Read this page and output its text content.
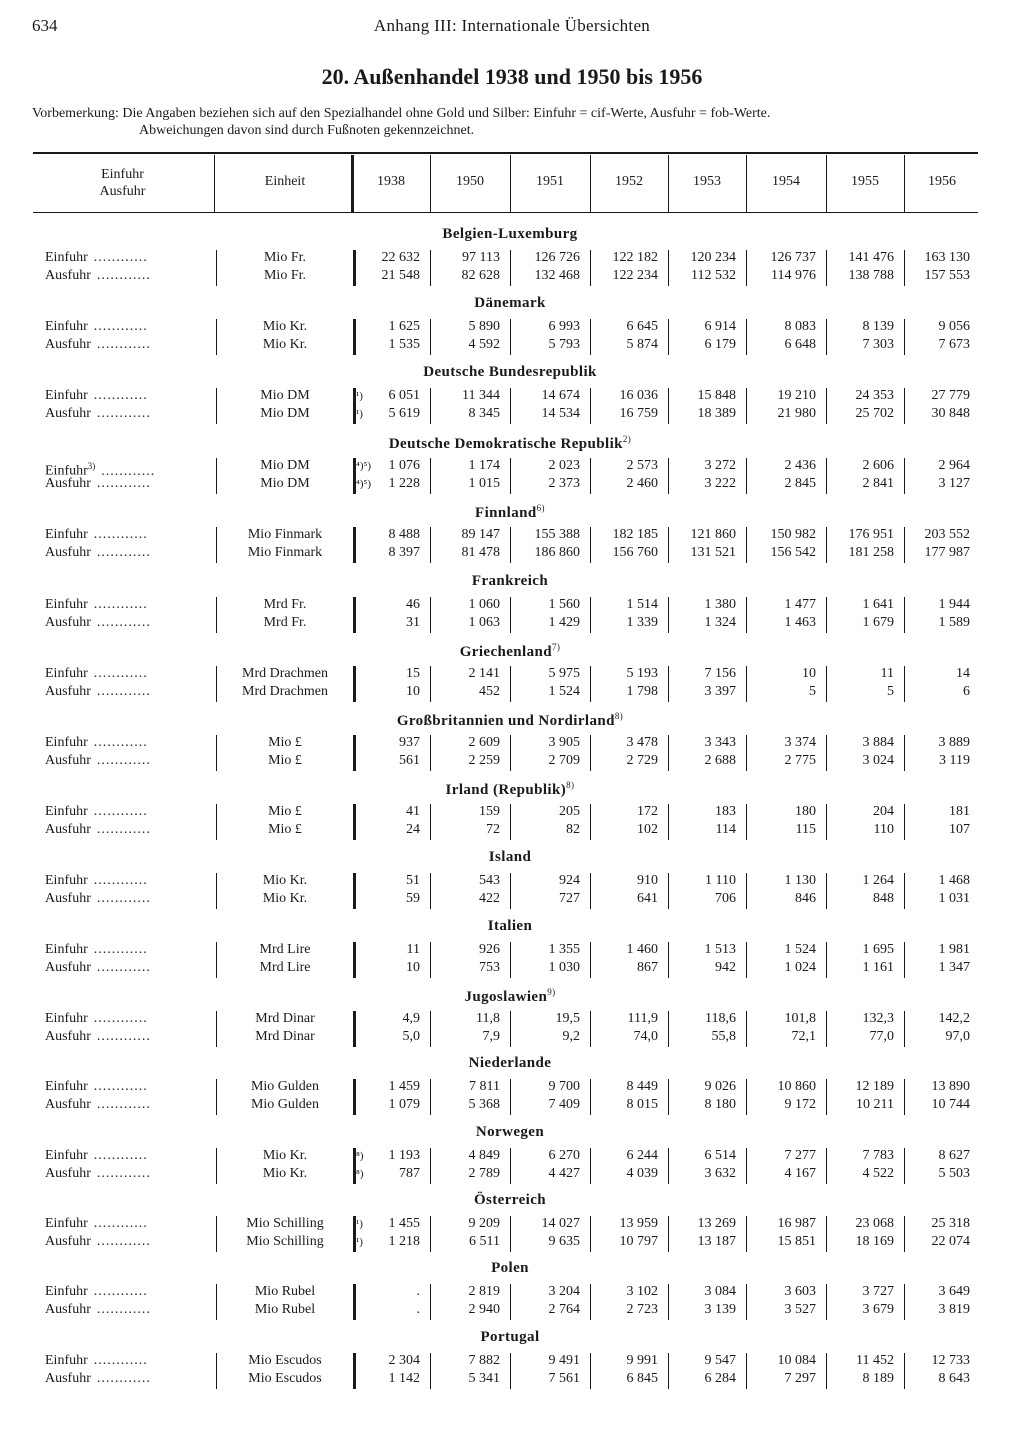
634	Anhang III: Internationale Übersichten
20. Außenhandel 1938 und 1950 bis 1956
Vorbemerkung: Die Angaben beziehen sich auf den Spezialhandel ohne Gold und Silber: Einfuhr = cif-Werte, Ausfuhr = fob-Werte.
Abweichungen davon sind durch Fußnoten gekennzeichnet.
Einfuhr
Ausfuhr
Einheit	1938	1950	1951	1952	1953	1954	1955	1956
Belgien-Luxemburg
Einfuhr ............	Mio Fr.	22 632	97 113	126 726	122 182	120 234	126 737	141 476	163 130
Ausfuhr ............	Mio Fr.	21 548	82 628	132 468	122 234	112 532	114 976	138 788	157 553
Dänemark
Einfuhr ............	Mio Kr.	1 625	5 890	6 993	6 645	6 914	8 083	8 139	9 056
Ausfuhr ............	Mio Kr.	1 535	4 592	5 793	5 874	6 179	6 648	7 303	7 673
Deutsche Bundesrepublik
Einfuhr ............	Mio DM	¹)	6 051	11 344	14 674	16 036	15 848	19 210	24 353	27 779
Ausfuhr ............	Mio DM	¹)	5 619	8 345	14 534	16 759	18 389	21 980	25 702	30 848
Deutsche Demokratische Republik$^{2)}$
Einfuhr$^{3)}$ ............	Mio DM	⁴)⁵)	1 076	1 174	2 023	2 573	3 272	2 436	2 606	2 964
Ausfuhr ............	Mio DM	⁴)⁵)	1 228	1 015	2 373	2 460	3 222	2 845	2 841	3 127
Finnland$^{6)}$
Einfuhr ............	Mio Finmark	8 488	89 147	155 388	182 185	121 860	150 982	176 951	203 552
Ausfuhr ............	Mio Finmark	8 397	81 478	186 860	156 760	131 521	156 542	181 258	177 987
Frankreich
Einfuhr ............	Mrd Fr.	46	1 060	1 560	1 514	1 380	1 477	1 641	1 944
Ausfuhr ............	Mrd Fr.	31	1 063	1 429	1 339	1 324	1 463	1 679	1 589
Griechenland$^{7)}$
Einfuhr ............	Mrd Drachmen	15	2 141	5 975	5 193	7 156	10	11	14
Ausfuhr ............	Mrd Drachmen	10	452	1 524	1 798	3 397	5	5	6
Großbritannien und Nordirland$^{8)}$
Einfuhr ............	Mio £	937	2 609	3 905	3 478	3 343	3 374	3 884	3 889
Ausfuhr ............	Mio £	561	2 259	2 709	2 729	2 688	2 775	3 024	3 119
Irland (Republik)$^{8)}$
Einfuhr ............	Mio £	41	159	205	172	183	180	204	181
Ausfuhr ............	Mio £	24	72	82	102	114	115	110	107
Island
Einfuhr ............	Mio Kr.	51	543	924	910	1 110	1 130	1 264	1 468
Ausfuhr ............	Mio Kr.	59	422	727	641	706	846	848	1 031
Italien
Einfuhr ............	Mrd Lire	11	926	1 355	1 460	1 513	1 524	1 695	1 981
Ausfuhr ............	Mrd Lire	10	753	1 030	867	942	1 024	1 161	1 347
Jugoslawien$^{9)}$
Einfuhr ............	Mrd Dinar	4,9	11,8	19,5	111,9	118,6	101,8	132,3	142,2
Ausfuhr ............	Mrd Dinar	5,0	7,9	9,2	74,0	55,8	72,1	77,0	97,0
Niederlande
Einfuhr ............	Mio Gulden	1 459	7 811	9 700	8 449	9 026	10 860	12 189	13 890
Ausfuhr ............	Mio Gulden	1 079	5 368	7 409	8 015	8 180	9 172	10 211	10 744
Norwegen
Einfuhr ............	Mio Kr.	⁸)	1 193	4 849	6 270	6 244	6 514	7 277	7 783	8 627
Ausfuhr ............	Mio Kr.	⁸)	787	2 789	4 427	4 039	3 632	4 167	4 522	5 503
Österreich
Einfuhr ............	Mio Schilling	¹)	1 455	9 209	14 027	13 959	13 269	16 987	23 068	25 318
Ausfuhr ............	Mio Schilling	¹)	1 218	6 511	9 635	10 797	13 187	15 851	18 169	22 074
Polen
Einfuhr ............	Mio Rubel	.	2 819	3 204	3 102	3 084	3 603	3 727	3 649
Ausfuhr ............	Mio Rubel	.	2 940	2 764	2 723	3 139	3 527	3 679	3 819
Portugal
Einfuhr ............	Mio Escudos	2 304	7 882	9 491	9 991	9 547	10 084	11 452	12 733
Ausfuhr ............	Mio Escudos	1 142	5 341	7 561	6 845	6 284	7 297	8 189	8 643
